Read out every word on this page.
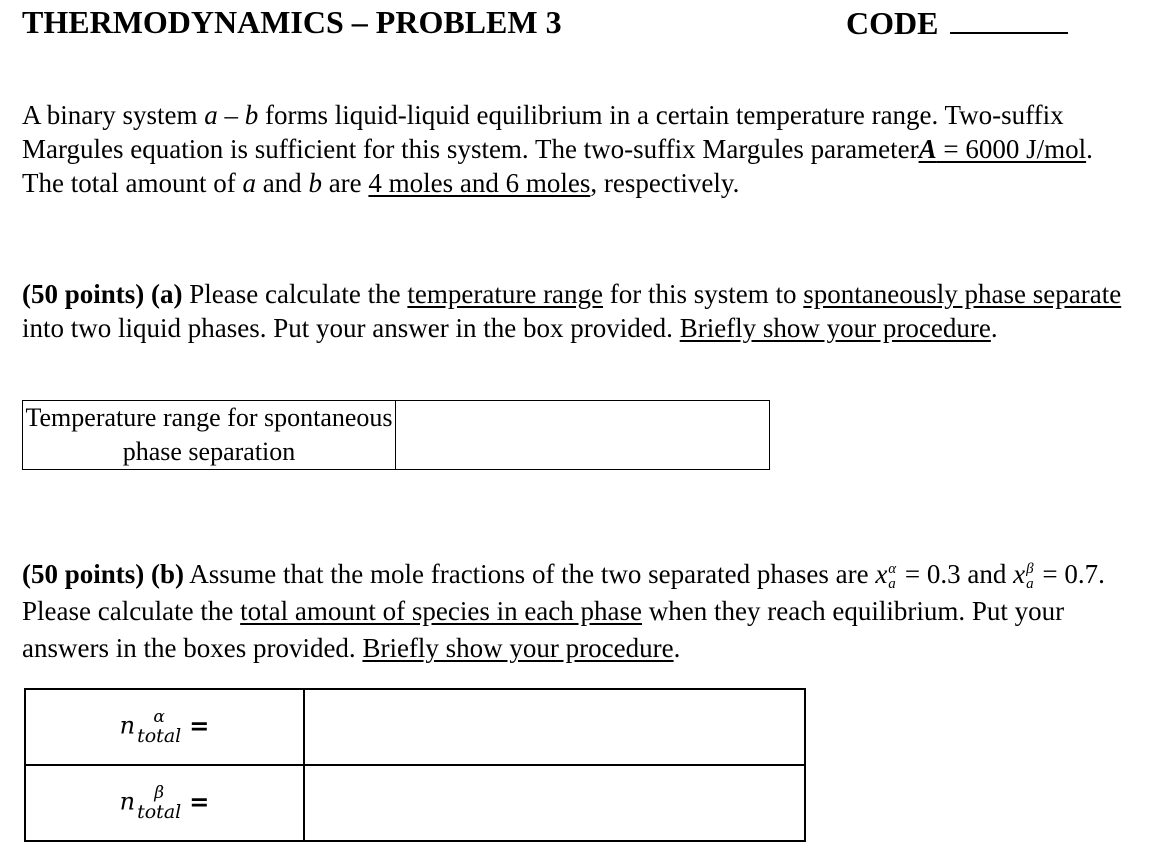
THERMODYNAMICS – PROBLEM 3	CODE
A binary system a – b forms liquid-liquid equilibrium in a certain temperature range. Two-suffix Margules equation is sufficient for this system. The two-suffix Margules parameterA = 6000 J/mol. The total amount of a and b are 4 moles and 6 moles, respectively.
(50 points) (a) Please calculate the temperature range for this system to spontaneously phase separate into two liquid phases. Put your answer in the box provided. Briefly show your procedure.
Temperature range for spontaneous phase separation	
(50 points) (b) Assume that the mole fractions of the two separated phases are x α
a = 0.3 and x β
a = 0.7. Please calculate the total amount of species in each phase when they reach equilibrium. Put your answers in the boxes provided. Briefly show your procedure.
n α
total =	
n β
total =	
